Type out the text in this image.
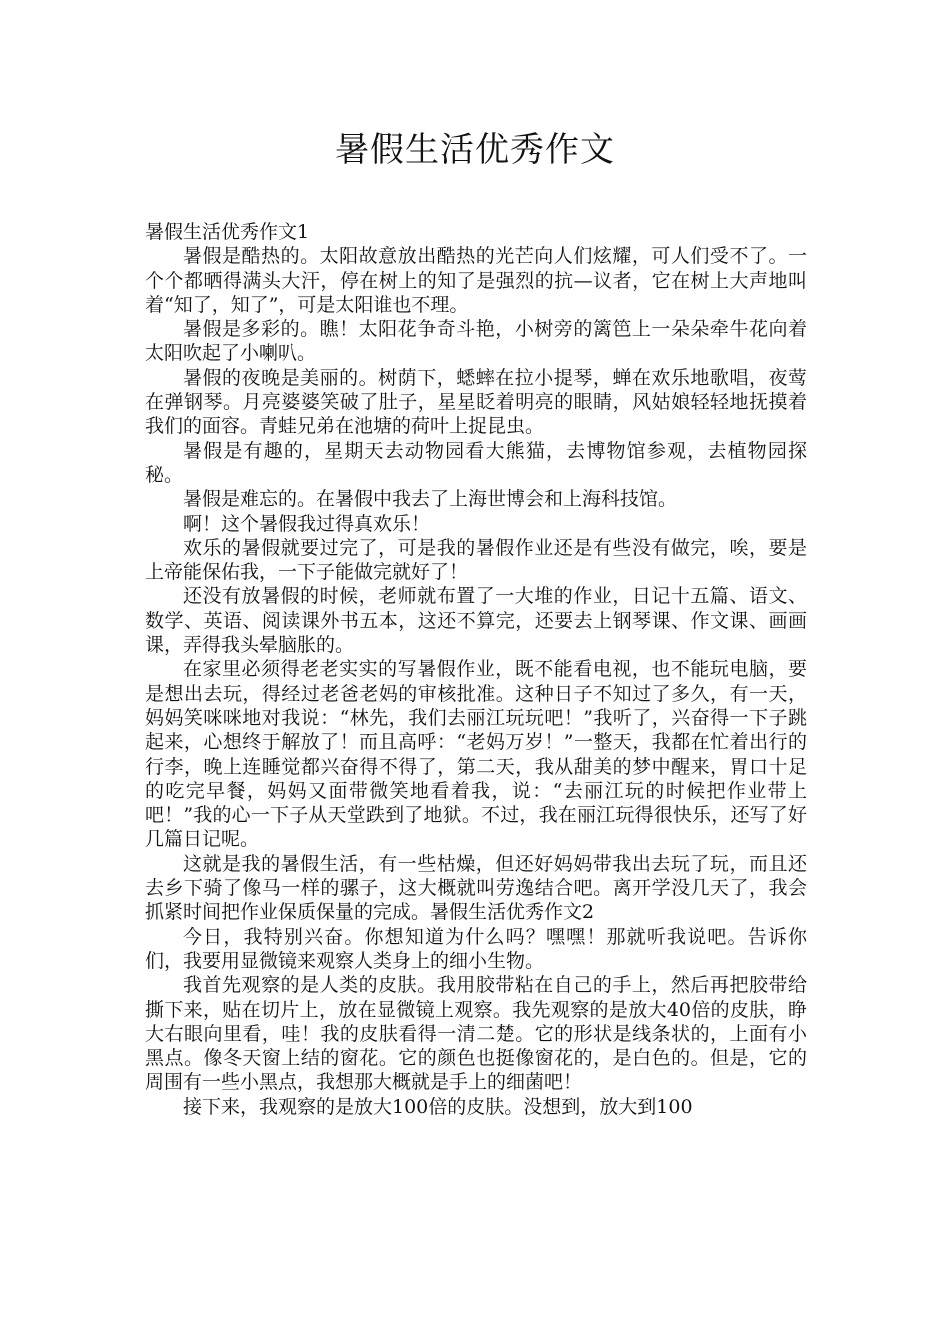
暑假生活优秀作文

暑假生活优秀作文1

暑假是酷热的。太阳故意放出酷热的光芒向人们炫耀，可人们受不了。一个个都晒得满头大汗，停在树上的知了是强烈的抗—议者，它在树上大声地叫着“知了，知了”，可是太阳谁也不理。

暑假是多彩的。瞧！太阳花争奇斗艳，小树旁的篱笆上一朵朵牵牛花向着太阳吹起了小喇叭。

暑假的夜晚是美丽的。树荫下，蟋蟀在拉小提琴，蝉在欢乐地歌唱，夜莺在弹钢琴。月亮婆婆笑破了肚子，星星眨着明亮的眼睛，风姑娘轻轻地抚摸着我们的面容。青蛙兄弟在池塘的荷叶上捉昆虫。

暑假是有趣的，星期天去动物园看大熊猫，去博物馆参观，去植物园探秘。

暑假是难忘的。在暑假中我去了上海世博会和上海科技馆。

啊！这个暑假我过得真欢乐！

欢乐的暑假就要过完了，可是我的暑假作业还是有些没有做完，唉，要是上帝能保佑我，一下子能做完就好了！

还没有放暑假的时候，老师就布置了一大堆的作业，日记十五篇、语文、数学、英语、阅读课外书五本，这还不算完，还要去上钢琴课、作文课、画画课，弄得我头晕脑胀的。

在家里必须得老老实实的写暑假作业，既不能看电视，也不能玩电脑，要是想出去玩，得经过老爸老妈的审核批准。这种日子不知过了多久，有一天，妈妈笑咪咪地对我说：“林先，我们去丽江玩玩吧！”我听了，兴奋得一下子跳起来，心想终于解放了！而且高呼：“老妈万岁！”一整天，我都在忙着出行的行李，晚上连睡觉都兴奋得不得了，第二天，我从甜美的梦中醒来，胃口十足的吃完早餐，妈妈又面带微笑地看着我，说：“去丽江玩的时候把作业带上吧！”我的心一下子从天堂跌到了地狱。不过，我在丽江玩得很快乐，还写了好几篇日记呢。

这就是我的暑假生活，有一些枯燥，但还好妈妈带我出去玩了玩，而且还去乡下骑了像马一样的骡子，这大概就叫劳逸结合吧。离开学没几天了，我会抓紧时间把作业保质保量的完成。暑假生活优秀作文2

今日，我特别兴奋。你想知道为什么吗？嘿嘿！那就听我说吧。告诉你们，我要用显微镜来观察人类身上的细小生物。

我首先观察的是人类的皮肤。我用胶带粘在自己的手上，然后再把胶带给撕下来，贴在切片上，放在显微镜上观察。我先观察的是放大40倍的皮肤，睁大右眼向里看，哇！我的皮肤看得一清二楚。它的形状是线条状的，上面有小黑点。像冬天窗上结的窗花。它的颜色也挺像窗花的，是白色的。但是，它的周围有一些小黑点，我想那大概就是手上的细菌吧！

接下来，我观察的是放大100倍的皮肤。没想到，放大到100
